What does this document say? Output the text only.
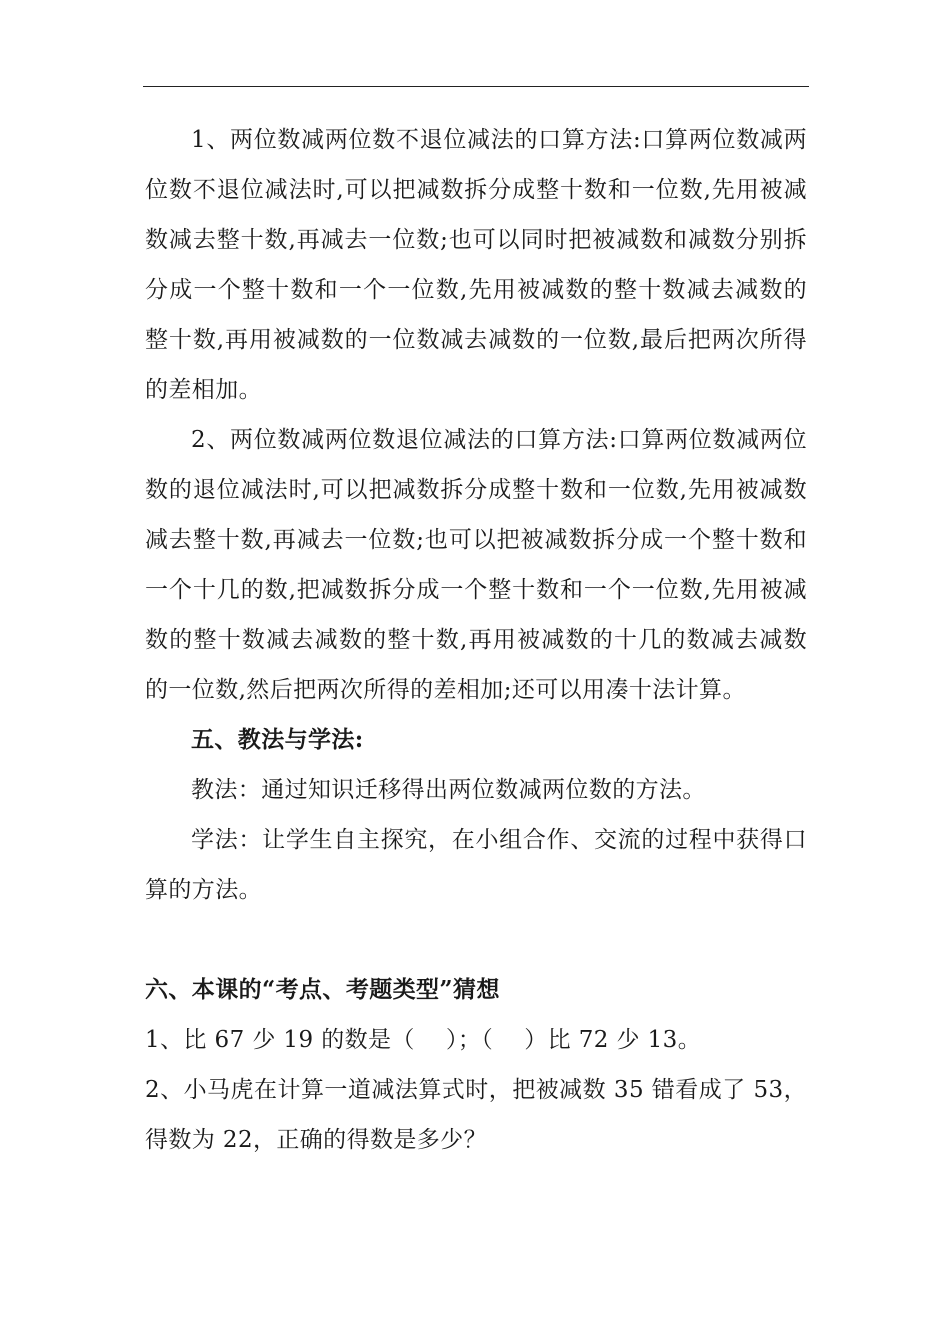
1、两位数减两位数不退位减法的口算方法:口算两位数减两位数不退位减法时,可以把减数拆分成整十数和一位数,先用被减数减去整十数,再减去一位数;也可以同时把被减数和减数分别拆分成一个整十数和一个一位数,先用被减数的整十数减去减数的整十数,再用被减数的一位数减去减数的一位数,最后把两次所得的差相加。

2、两位数减两位数退位减法的口算方法:口算两位数减两位数的退位减法时,可以把减数拆分成整十数和一位数,先用被减数减去整十数,再减去一位数;也可以把被减数拆分成一个整十数和一个十几的数,把减数拆分成一个整十数和一个一位数,先用被减数的整十数减去减数的整十数,再用被减数的十几的数减去减数的一位数,然后把两次所得的差相加;还可以用凑十法计算。

五、教法与学法:

教法：通过知识迁移得出两位数减两位数的方法。

学法：让学生自主探究，在小组合作、交流的过程中获得口算的方法。

六、本课的“考点、考题类型”猜想

1、比 67 少 19 的数是（　 ）；（　 ）比 72 少 13。

2、小马虎在计算一道减法算式时，把被减数 35 错看成了 53，得数为 22，正确的得数是多少？
